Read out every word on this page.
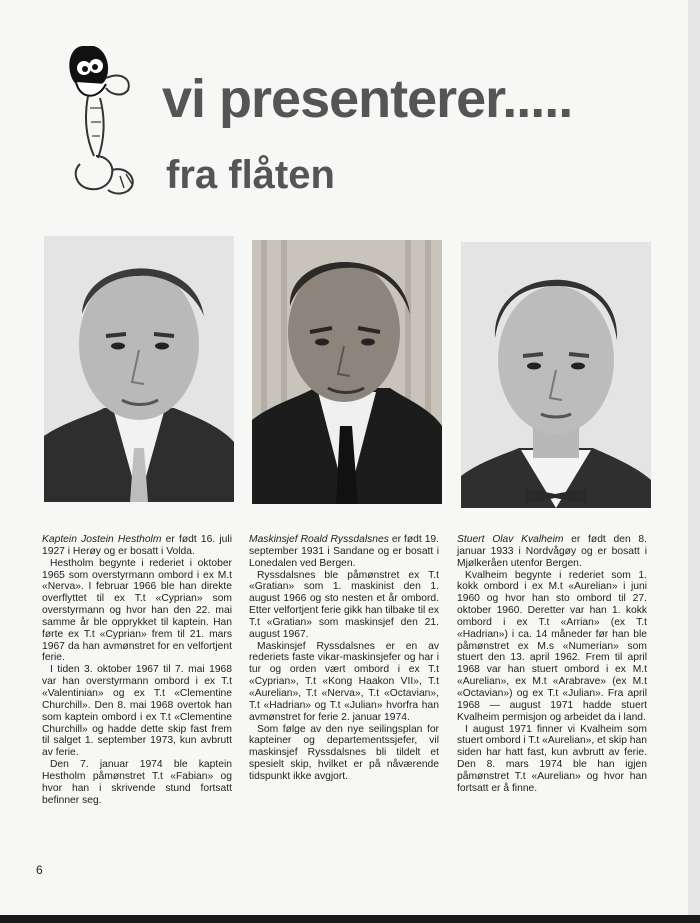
vi presenterer.....
fra flåten

Kaptein Jostein Hestholm er født 16. juli 1927 i Herøy og er bosatt i Volda.

Hestholm begynte i rederiet i oktober 1965 som overstyrmann ombord i ex M.t «Nerva». I februar 1966 ble han direkte overflyttet til ex T.t «Cyprian» som overstyrmann og hvor han den 22. mai samme år ble opprykket til kaptein. Han førte ex T.t «Cyprian» frem til 21. mars 1967 da han avmønstret for en velfortjent ferie.

I tiden 3. oktober 1967 til 7. mai 1968 var han overstyrmann ombord i ex T.t «Valentinian» og ex T.t «Clementine Churchill». Den 8. mai 1968 overtok han som kaptein ombord i ex T.t «Clementine Churchill» og hadde dette skip fast frem til salget 1. september 1973, kun avbrutt av ferie.

Den 7. januar 1974 ble kaptein Hestholm påmønstret T.t «Fabian» og hvor han i skrivende stund fortsatt befinner seg.

Maskinsjef Roald Ryssdalsnes er født 19. september 1931 i Sandane og er bosatt i Lonedalen ved Bergen.

Ryssdalsnes ble påmønstret ex T.t «Gratian» som 1. maskinist den 1. august 1966 og sto nesten et år ombord. Etter velfortjent ferie gikk han tilbake til ex T.t «Gratian» som maskinsjef den 21. august 1967.

Maskinsjef Ryssdalsnes er en av rederiets faste vikar-maskinsjefer og har i tur og orden vært ombord i ex T.t «Cyprian», T.t «Kong Haakon VII», T.t «Aurelian», T.t «Nerva», T.t «Octavian», T.t «Hadrian» og T.t «Julian» hvorfra han avmønstret for ferie 2. januar 1974.

Som følge av den nye seilingsplan for kapteiner og departementssjefer, vil maskinsjef Ryssdalsnes bli tildelt et spesielt skip, hvilket er på nåværende tidspunkt ikke avgjort.

Stuert Olav Kvalheim er født den 8. januar 1933 i Nordvågøy og er bosatt i Mjølkeråen utenfor Bergen.

Kvalheim begynte i rederiet som 1. kokk ombord i ex M.t «Aurelian» i juni 1960 og hvor han sto ombord til 27. oktober 1960. Deretter var han 1. kokk ombord i ex T.t «Arrian» (ex T.t «Hadrian») i ca. 14 måneder før han ble påmønstret ex M.s «Numerian» som stuert den 13. april 1962. Frem til april 1968 var han stuert ombord i ex M.t «Aurelian», ex M.t «Arabrave» (ex M.t «Octavian») og ex T.t «Julian». Fra april 1968 — august 1971 hadde stuert Kvalheim permisjon og arbeidet da i land.

I august 1971 finner vi Kvalheim som stuert ombord i T.t «Aurelian», et skip han siden har hatt fast, kun avbrutt av ferie. Den 8. mars 1974 ble han igjen påmønstret T.t «Aurelian» og hvor han fortsatt er å finne.

6
